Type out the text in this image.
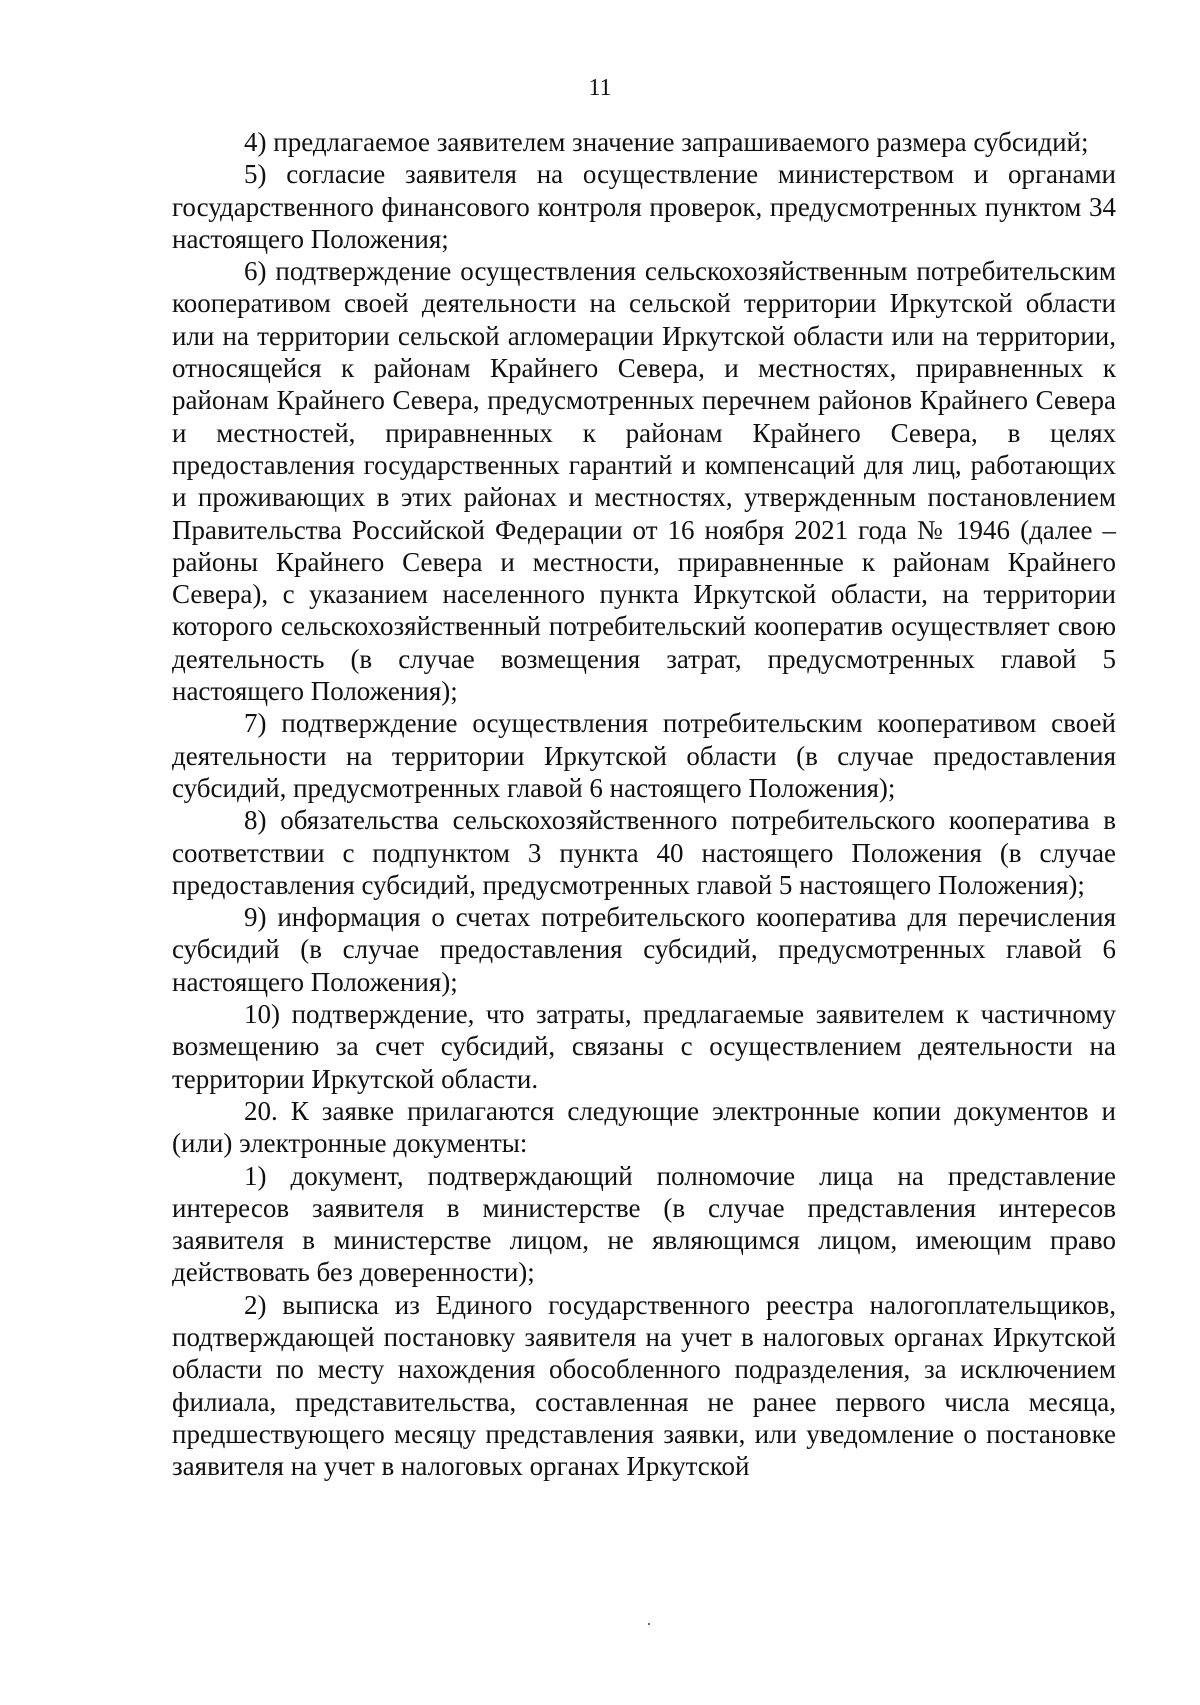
11

4) предлагаемое заявителем значение запрашиваемого размера субсидий;

5) согласие заявителя на осуществление министерством и органами государственного финансового контроля проверок, предусмотренных пунктом 34 настоящего Положения;

6) подтверждение осуществления сельскохозяйственным потребительским кооперативом своей деятельности на сельской территории Иркутской области или на территории сельской агломерации Иркутской области или на территории, относящейся к районам Крайнего Севера, и местностях, приравненных к районам Крайнего Севера, предусмотренных перечнем районов Крайнего Севера и местностей, приравненных к районам Крайнего Севера, в целях предоставления государственных гарантий и компенсаций для лиц, работающих и проживающих в этих районах и местностях, утвержденным постановлением Правительства Российской Федерации от 16 ноября 2021 года № 1946 (далее – районы Крайнего Севера и местности, приравненные к районам Крайнего Севера), с указанием населенного пункта Иркутской области, на территории которого сельскохозяйственный потребительский кооператив осуществляет свою деятельность (в случае возмещения затрат, предусмотренных главой 5 настоящего Положения);

7) подтверждение осуществления потребительским кооперативом своей деятельности на территории Иркутской области (в случае предоставления субсидий, предусмотренных главой 6 настоящего Положения);

8) обязательства сельскохозяйственного потребительского кооператива в соответствии с подпунктом 3 пункта 40 настоящего Положения (в случае предоставления субсидий, предусмотренных главой 5 настоящего Положения);

9) информация о счетах потребительского кооператива для перечисления субсидий (в случае предоставления субсидий, предусмотренных главой 6 настоящего Положения);

10) подтверждение, что затраты, предлагаемые заявителем к частичному возмещению за счет субсидий, связаны с осуществлением деятельности на территории Иркутской области.

20. К заявке прилагаются следующие электронные копии документов и (или) электронные документы:

1) документ, подтверждающий полномочие лица на представление интересов заявителя в министерстве (в случае представления интересов заявителя в министерстве лицом, не являющимся лицом, имеющим право действовать без доверенности);

2) выписка из Единого государственного реестра налогоплательщиков, подтверждающей постановку заявителя на учет в налоговых органах Иркутской области по месту нахождения обособленного подразделения, за исключением филиала, представительства, составленная не ранее первого числа месяца, предшествующего месяцу представления заявки, или уведомление о постановке заявителя на учет в налоговых органах Иркутской

·
